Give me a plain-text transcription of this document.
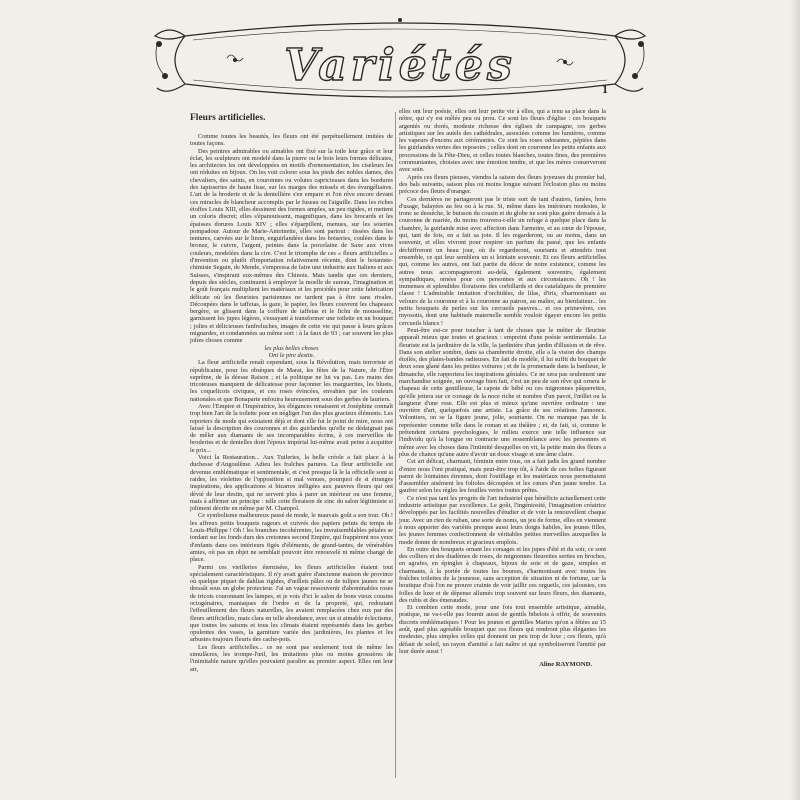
Variétés	1

Fleurs artificielles.

Comme toutes les beautés, les fleurs ont été perpétuellement imitées de toutes façons.

Des peintres admirables ou aimables ont fixé sur la toile leur grâce et leur éclat, les sculpteurs ont modelé dans la pierre ou le bois leurs formes délicates, les architectes les ont développées en motifs d'ornementation, les ciseleurs les ont réduites en bijoux. On les voit colorer sous les pieds des nobles dames, des chevaliers, des saints, en couronnes ou volutes capricieuses dans les bordures des tapisseries de haute lisse, sur les marges des missels et des évangéliaires. L'art de la broderie et de la dentellière s'en empare et l'on rêve encore devant ces miracles de blancheur accomplis par le fuseau ou l'aiguille. Dans les riches étoffes Louis XIII, elles dessinent des formes amples, un peu rigides, et mettent un coloris discret; elles s'épanouissent, magnifiques, dans les brocards et les épaisses dorures Louis XIV ; elles s'éparpillent, menues, sur les soieries pompadour. Autour de Marie-Antoinette, elles sont partout : tissées dans les tentures, carvées sur le linon, enguirlandées dans les boiseries, coulées dans le bronze, le cuivre, l'argent, peintes dans la porcelaine de Saxe aux vives couleurs, modelées dans la cire. C'est le triomphe de ces « fleurs artificielles » d'invention ou plutôt d'importation relativement récente, dont le botaniste-chimiste Seguin, de Mende, s'empressa de faire une industrie aux Italiens et aux Suisses, s'inspirant eux-mêmes des Chinois. Mais tandis que ces derniers, depuis des siècles, continuent à employer la moelle de sureau, l'imagination et le goût français multiplient les matériaux et les procédés pour cette fabrication délicate où les fleuristes parisiennes ne tardent pas à être sans rivales. Découpées dans le taffetas, la gaze, le papier, les fleurs couvrent les chapeaux bergère, se glissent dans la coiffure de taffetas et le fichu de mousseline, garnissent les jupes légères, s'essayant à transformer une toilette en un bouquet ; jolies et délicieuses fanfreluches, images de cette vie qui passe à leurs grâces mignardes, et condamnées au même sort : à la faux de 93 ; car souvent les plus jolies choses comme

les plus belles choses

Ont le pire destin.

La fleur artificielle renaît cependant, sous la Révolution, mais terroriste et républicaine, pour les obsèques de Marat, les fêtes de la Nature, de l'Être suprême, de la déesse Raison ; et la politique ne lui va pas. Les mains des tricoteuses manquent de délicatesse pour façonner les marguerites, les bluets, les coquelicots civiques, et ces roses évincées, envahies par les couleurs nationales et que Bonaparte enfouira heureusement sous des gerbes de lauriers.

Avec l'Empire et l'Impératrice, les élégances renaissent et Joséphine connaît trop bien l'art de la toilette pour en négliger l'un des plus gracieux éléments. Les reporters de mode qui existaient déjà et dont elle fut le point de mire, nous ont laissé la description des couronnes et des guirlandes qu'elle ne dédaignait pas de mêler aux diamants de ses incomparables écrins, à ces merveilles de broderies et de dentelles dont l'époux impérial lui-même avait peine à acquitter le prix...

Voici la Restauration... Aux Tuileries, la belle créole a fait place à la duchesse d'Angoulême. Adieu les fraîches parures. La fleur artificielle est devenue emblématique et sentimentale, et c'est presque là le la officielle sont si raides, les violettes de l'opposition si mal venues, pourquoi de si étranges inspirations, des applications si bizarres infligées aux pauvres fleurs qui ont dévié de leur destin, qui ne servent plus à parer un intérieur ou une femme, mais à affirmer un principe : telle cette floraison de zinc du salon légitimiste si joliment décrite en même par M. Champol.

Ce symbolisme malheureux passé de mode, le mauvais goût a son tour. Oh ! les affreux petits bouquets rageurs et cuivrés des papiers peints du temps de Louis-Philippe ! Oh ! les branches incohérentes, les invraisemblables pétales se tordant sur les fonds durs des cretonnes second Empire, qui frappèrent nos yeux d'enfants dans ces intérieurs figés d'éléments, de grand-tantes, de vénérables amies, où pas un objet ne semblait pouvoir être renouvelé ni même changé de place.

Parmi ces vieilleries éternisées, les fleurs artificielles étaient tout spécialement caractéristiques. Il n'y avait guère d'ancienne maison de province où quelque piquet de dahlias rigides, d'œillets pâles ou de tulipes jaunes ne se dressât sous un globe protecteur. J'ai un vague ressouvenir d'abominables roses de tricots couronnant les lampes, et je vois d'ici le salon de bons vieux cousins octogénaires, maniaques de l'ordre et de la propreté, qui, redoutant l'effeuillement des fleurs naturelles, les avaient remplacées chez eux par des fleurs artificielles, mais clara en telle abondance, avec un si aimable éclectisme, que toutes les saisons et tous les climats étaient représentés dans les gerbes opulentes des vases, la garniture variée des jardinières, les plantes et les arbustes toujours fleuris des cache-pots.

Les fleurs artificielles... ce ne sont pas seulement tout de même les simulâcres, les trompe-l'œil, les imitations plus ou moins grossières de l'inimitable nature qu'elles pouvaient paraître au premier aspect. Elles ont leur art,

elles ont leur poésie, elles ont leur petite vie à elles, qui a tenu sa place dans la nôtre, qui s'y est mêlée peu ou prou. Ce sont les fleurs d'église : ces bouquets argentés ou dorés, modeste richesse des églises de campagne, ces gerbes artistiques sur les autels des cathédrales, associées comme les lumières, comme les vapeurs d'encens aux cérémonies. Ce sont les roses odorantes, pépiées dans les guirlandes vertes des reposoirs ; celles dont on couronne les petits enfants aux processions de la Fête-Dieu, et celles toutes blanches, toutes fines, des premières communiantes, choisies avec une émotion tendre, et que les mères conserveront avec soin.

Après ces fleurs pieuses, viendra la saison des fleurs joyeuses du premier bal, des bals suivants, saison plus ou moins longue suivant l'éclosion plus ou moins précoce des fleurs d'oranger.

Ces dernières ne partageront pas le triste sort de tant d'autres, fanées, hors d'usage, balayées au feu ou à la rue. Si, même dans les intérieurs modestes, le tronc se dessèche, le buisson du cousin et du globe ne sont plus guère dressés à la couronne de mariée, du moins trouvera-t-elle un refuge à quelque place dans la chambre, la guirlande mise avec affection dans l'armoire, et au cœur de l'épouse, qui, tant de fois, en a fait sa joie. Il les regarderont, ou au moins, dans un souvenir, et elles vivront pour respirer un parfum du passé, que les enfants déchiffreront un beau jour, où ils regarderont, souriants et attendris tout ensemble, ce qui leur semblera un si lointain souvenir. Et ces fleurs artificielles qui, comme les autres, ont fait partie du décor de notre existence, comme les autres nous accompagneront au-delà, également souvenirs, également sympathiques, ornées pour ces personnes et aux circonstances. Oh ! les immenses et splendides floraisons des corbillards et des catafalques de première classe ! L'admirable imitation d'orchidées, de lilas, d'iris, s'harmonisant au velours de la couronne et à la couronne au patron, au maître, au bienfaiteur... les petits bouquets de perles sur les cercueils pauvres... et ces primevères, ces myosotis, dont une habitude maternelle semble vouloir égayer encore les petits cercueils blancs !

Peut-être est-ce pour toucher à tant de choses que le métier de fleuriste apparaît mieux que toutes et gracieux : empreint d'une poésie sentimentale. La fleuriste est la jardinière de la ville, la jardinière d'un jardin d'illusion et de rêve. Dans son atelier sombre, dans sa chambrette étroite, elle a la vision des champs étoilés, des plates-bandes radieuses. En fait de modèle, il lui suffit du bouquet de deux sous glané dans les petites voitures ; et de la promenade dans la banlieue, le dimanche, elle rapportera les inspirations géniales. Ce ne sera pas seulement une marchandise soignée, un ouvrage bien fait, c'est un peu de son rêve qui ornera le chapeau de cette gentilleuse, la capote de bébé ou ces mignonnes pâquerettes, qu'elle jettera sur ce corsage de la noce riche et nombre d'un pavot, l'œillet ou la langueur d'une rose. Elle est plus et mieux qu'une ouvrière ordinaire : une ouvrière d'art, quelquefois une artiste. La grâce de ses créations l'annonce. Volontiers, on se la figure jeune, jolie, souriante. On ne manque pas de la représenter comme telle dans le roman et au théâtre ; et, de fait, si, comme le prétendent certains psychologues, le milieu exerce une telle influence sur l'individu qu'à la longue on contracte une ressemblance avec les personnes et même avec les choses dans l'intimité desquelles on vit, la petite main des fleurs a plus de chance qu'une autre d'avoir un doux visage et une âme claire.

Cet art délicat, charmant, féminin entre tous, on a fait jadis les grand nombre d'entre nous l'ont pratiqué, mais peut-être trop tôt, à l'aide de ces boîtes figurant parmi de lointaines étrennes, dont l'outillage et les matériaux nous permettaient d'assembler aisément les folioles découpées et les cœurs d'un jaune tendre. La gaufrer selon les règles les feuilles vertes toutes prêtes.

Ce n'est pas tant les progrès de l'art industriel que bénéficie actuellement cette industrie artistique par excellence. Le goût, l'ingéniosité, l'imagination créatrice développés par les facilités nouvelles d'étudier et de voir la renouvellent chaque jour. Avec un rien de ruban, une sorte de noms, un jeu de forme, elles en viennent à nous apporter des variétés presque aussi leurs doigts habiles, les jeunes filles, les jeunes femmes confectionnent de véritables petites merveilles auxquelles la mode donne de nombreux et gracieux emplois.

En outre des bouquets ornant les corsages et les jupes d'été et du soir, ce sont des colliers et des diadèmes de roses, de mignonnes fleurettes serties en broches, en agrafes, en épingles à chapeaux, bijoux de soie et de gaze, simples et charmants, à la portée de toutes les bourses, s'harmonisant avec toutes les fraîches toilettes de la jeunesse, sans acception de situation ni de fortune, car la boutique d'où l'on ne prouve crainte de voir jaillir ces orgueils, ces jalousies, ces folles de luxe et de dépense allumés trop souvent sur leurs fleurs, des diamants, des rubis et des émeraudes.

Et combien cette mode, pour une fois tout ensemble artistique, aimable, pratique, ne va-t-elle pas fournir aussi de gentils bibelots à offrir, de souvenirs discrets emblématiques ! Pour les jeunes et gentilles Maries qu'on a fêtées au 15 août, quel plus agréable bouquet que ces fleurs qui rendront plus élégantes les modestes, plus simples celles qui donnent un peu trop de luxe ; ces fleurs, qu'à défaut de soleil, un rayon d'amitié a fait naître et qui symboliseront l'amitié par leur durée aussi !

Aline RAYMOND.
